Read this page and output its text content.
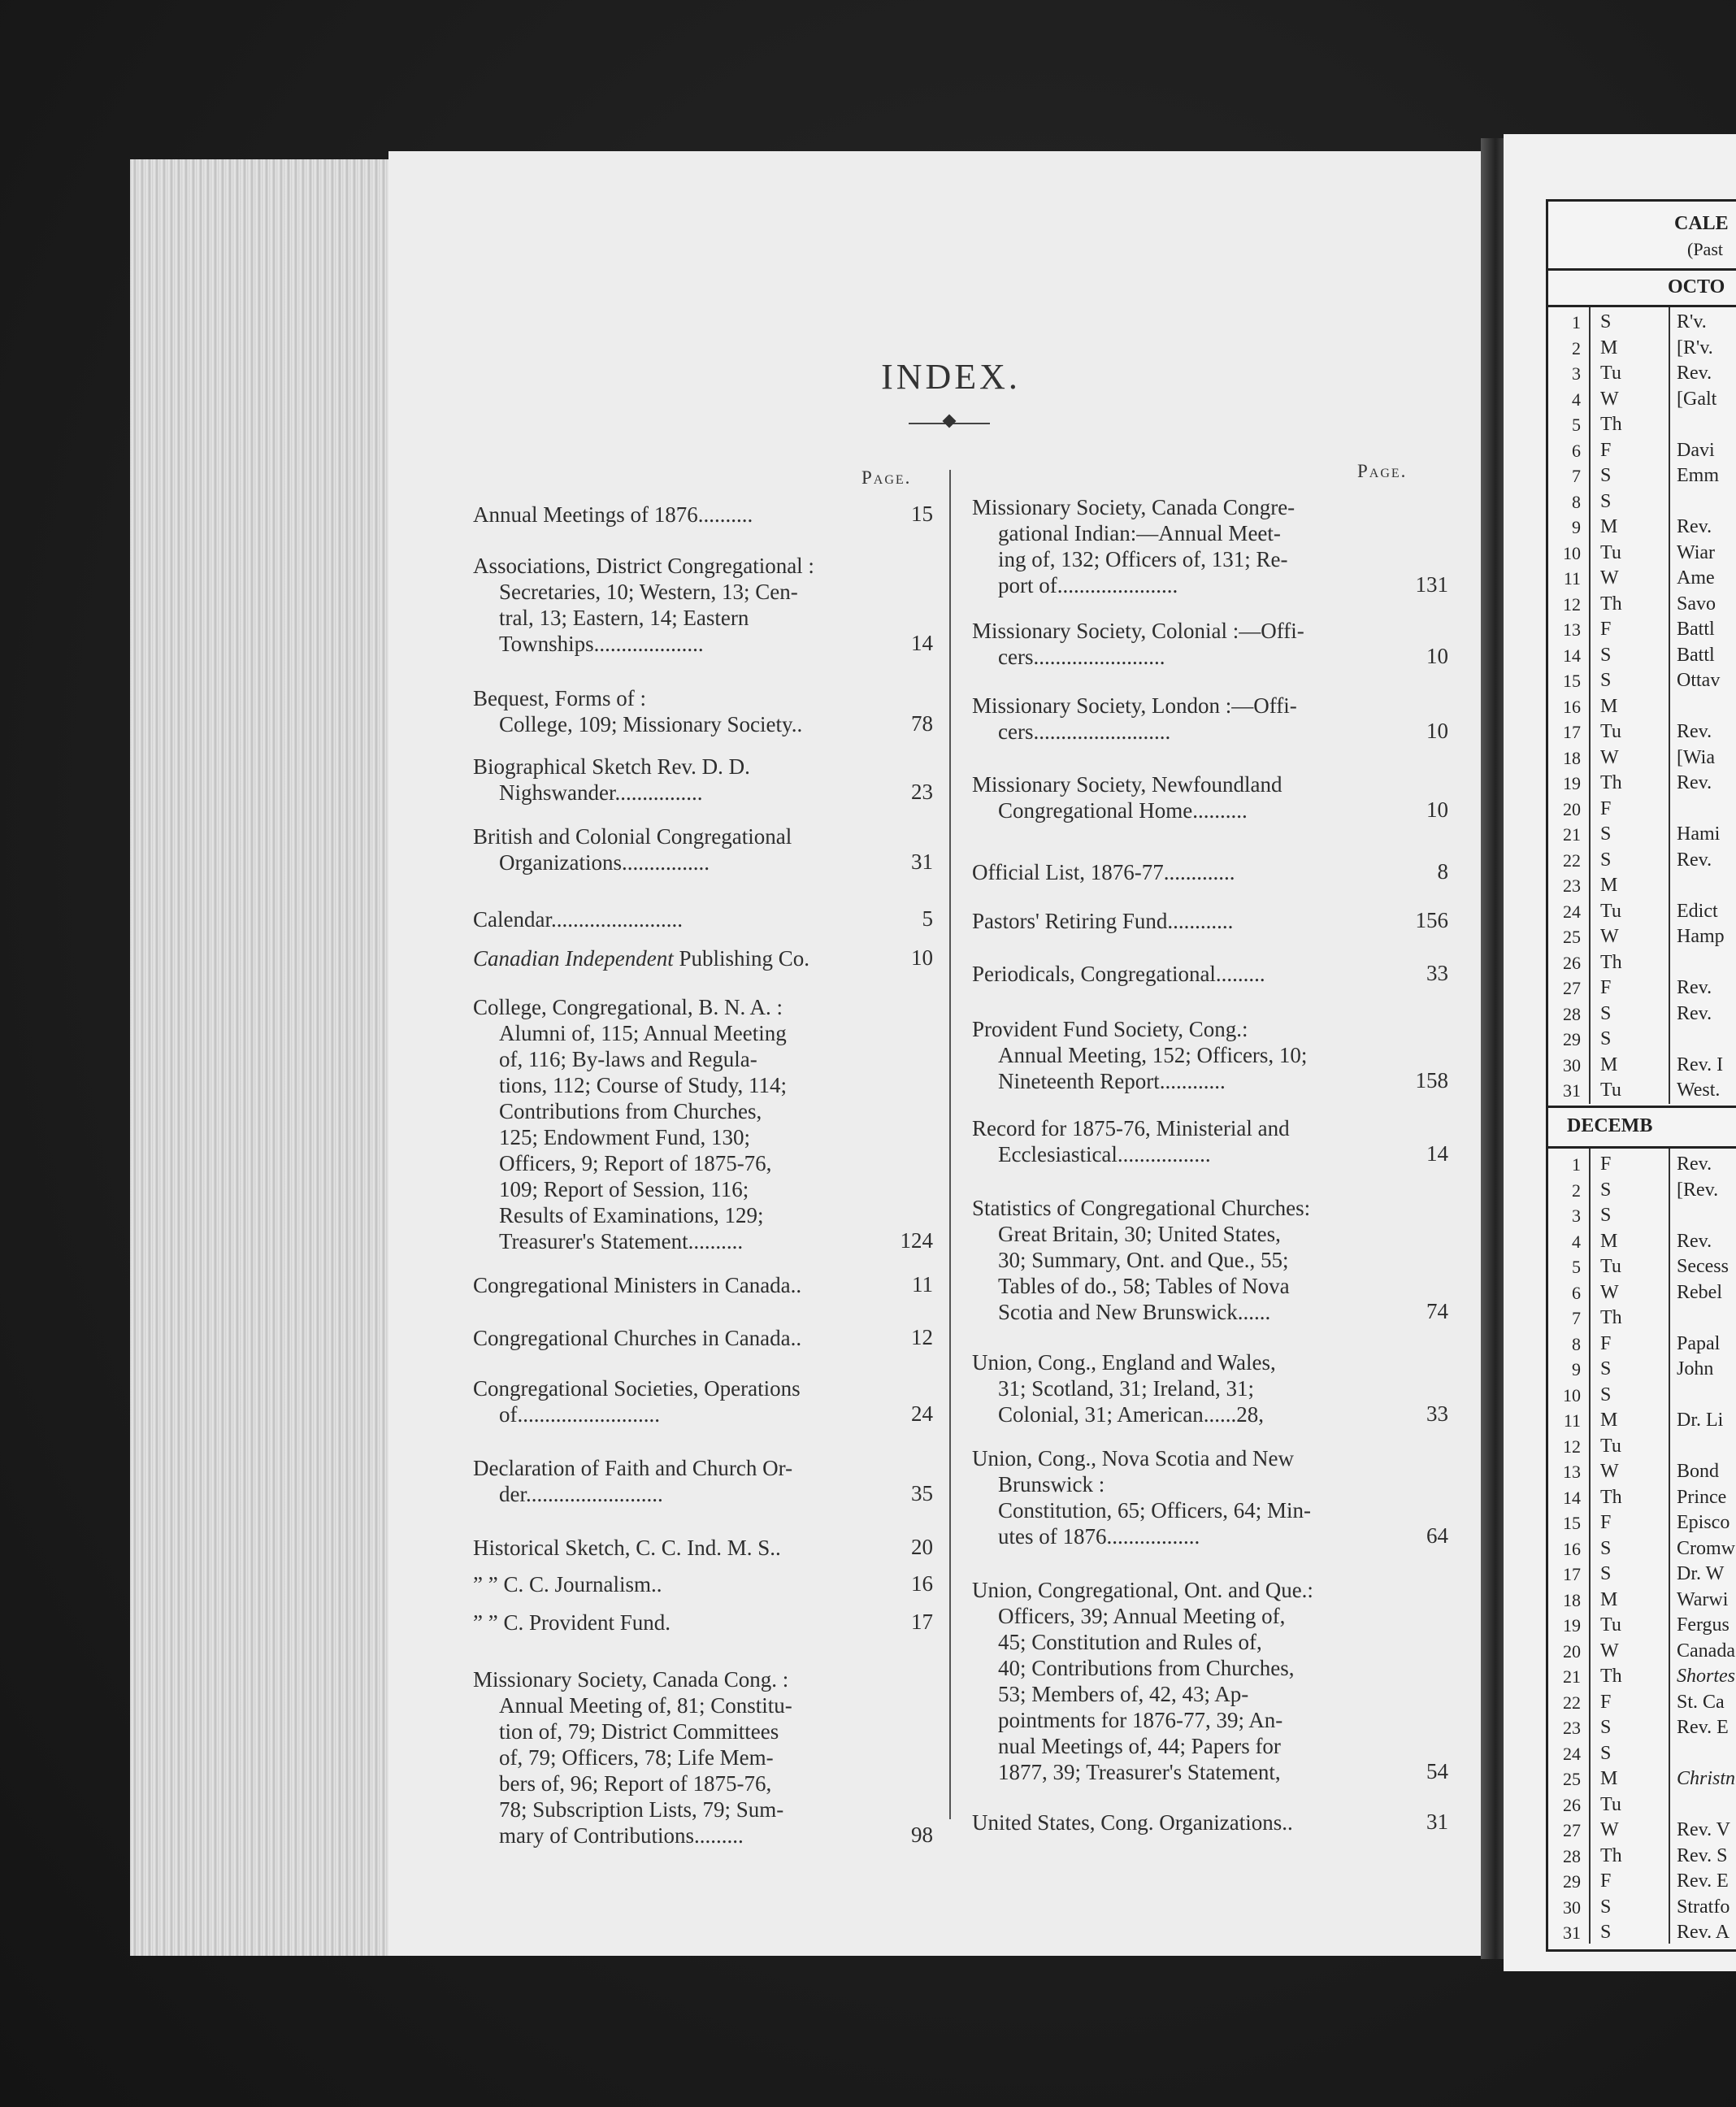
INDEX.
Page.	Page.
Annual Meetings of 1876..........	15
Associations, District Congregational :
Secretaries, 10; Western, 13; Cen-
tral, 13; Eastern, 14; Eastern
Townships....................	14
Bequest, Forms of :
College, 109; Missionary Society..	78
Biographical Sketch Rev. D. D.
Nighswander................	23
British and Colonial Congregational
Organizations................	31
Calendar........................	5
Canadian Independent Publishing Co.	10
College, Congregational, B. N. A. :
Alumni of, 115; Annual Meeting
of, 116; By-laws and Regula-
tions, 112; Course of Study, 114;
Contributions from Churches,
125; Endowment Fund, 130;
Officers, 9; Report of 1875-76,
109; Report of Session, 116;
Results of Examinations, 129;
Treasurer's Statement..........	124
Congregational Ministers in Canada..	11
Congregational Churches in Canada..	12
Congregational Societies, Operations
of..........................	24
Declaration of Faith and Church Or-
der.........................	35
Historical Sketch, C. C. Ind. M. S..	20
” ” C. C. Journalism..	16
” ” C. Provident Fund.	17
Missionary Society, Canada Cong. :
Annual Meeting of, 81; Constitu-
tion of, 79; District Committees
of, 79; Officers, 78; Life Mem-
bers of, 96; Report of 1875-76,
78; Subscription Lists, 79; Sum-
mary of Contributions.........	98
Missionary Society, Canada Congre-
gational Indian:—Annual Meet-
ing of, 132; Officers of, 131; Re-
port of......................	131
Missionary Society, Colonial :—Offi-
cers........................	10
Missionary Society, London :—Offi-
cers.........................	10
Missionary Society, Newfoundland
Congregational Home..........	10
Official List, 1876-77.............	8
Pastors' Retiring Fund............	156
Periodicals, Congregational.........	33
Provident Fund Society, Cong.:
Annual Meeting, 152; Officers, 10;
Nineteenth Report............	158
Record for 1875-76, Ministerial and
Ecclesiastical.................	14
Statistics of Congregational Churches:
Great Britain, 30; United States,
30; Summary, Ont. and Que., 55;
Tables of do., 58; Tables of Nova
Scotia and New Brunswick......	74
Union, Cong., England and Wales,
31; Scotland, 31; Ireland, 31;
Colonial, 31; American......28,	33
Union, Cong., Nova Scotia and New
Brunswick :
Constitution, 65; Officers, 64; Min-
utes of 1876.................	64
Union, Congregational, Ont. and Que.:
Officers, 39; Annual Meeting of,
45; Constitution and Rules of,
40; Contributions from Churches,
53; Members of, 42, 43; Ap-
pointments for 1876-77, 39; An-
nual Meetings of, 44; Papers for
1877, 39; Treasurer's Statement,	54
United States, Cong. Organizations..	31
CALE
(Past
OCTO
DECEMB
1 S	R'v.
2 M	[R'v.
3 Tu	Rev.
4 W	[Galt
5 Th
6 F	Davi
7 S	Emm
8 S
9 M	Rev.
10 Tu	Wiar
11 W	Ame
12 Th	Savo
13 F	Battl
14 S	Battl
15 S	Ottav
16 M
17 Tu	Rev.
18 W	[Wia
19 Th	Rev.
20 F
21 S	Hami
22 S	Rev.
23 M
24 Tu	Edict
25 W	Hamp
26 Th
27 F	Rev.
28 S	Rev.
29 S
30 M	Rev. I
31 Tu	West.
1 F	Rev.
2 S	[Rev.
3 S
4 M	Rev.
5 Tu	Secess
6 W	Rebel
7 Th
8 F	Papal
9 S	John
10 S
11 M	Dr. Li
12 Tu
13 W	Bond
14 Th	Prince
15 F	Episco
16 S	Cromw
17 S	Dr. W
18 M	Warwi
19 Tu	Fergus
20 W	Canada
21 Th	Shortes
22 F	St. Ca
23 S	Rev. E
24 S
25 M	Christn
26 Tu
27 W	Rev. V
28 Th	Rev. S
29 F	Rev. E
30 S	Stratfo
31 S	Rev. A
